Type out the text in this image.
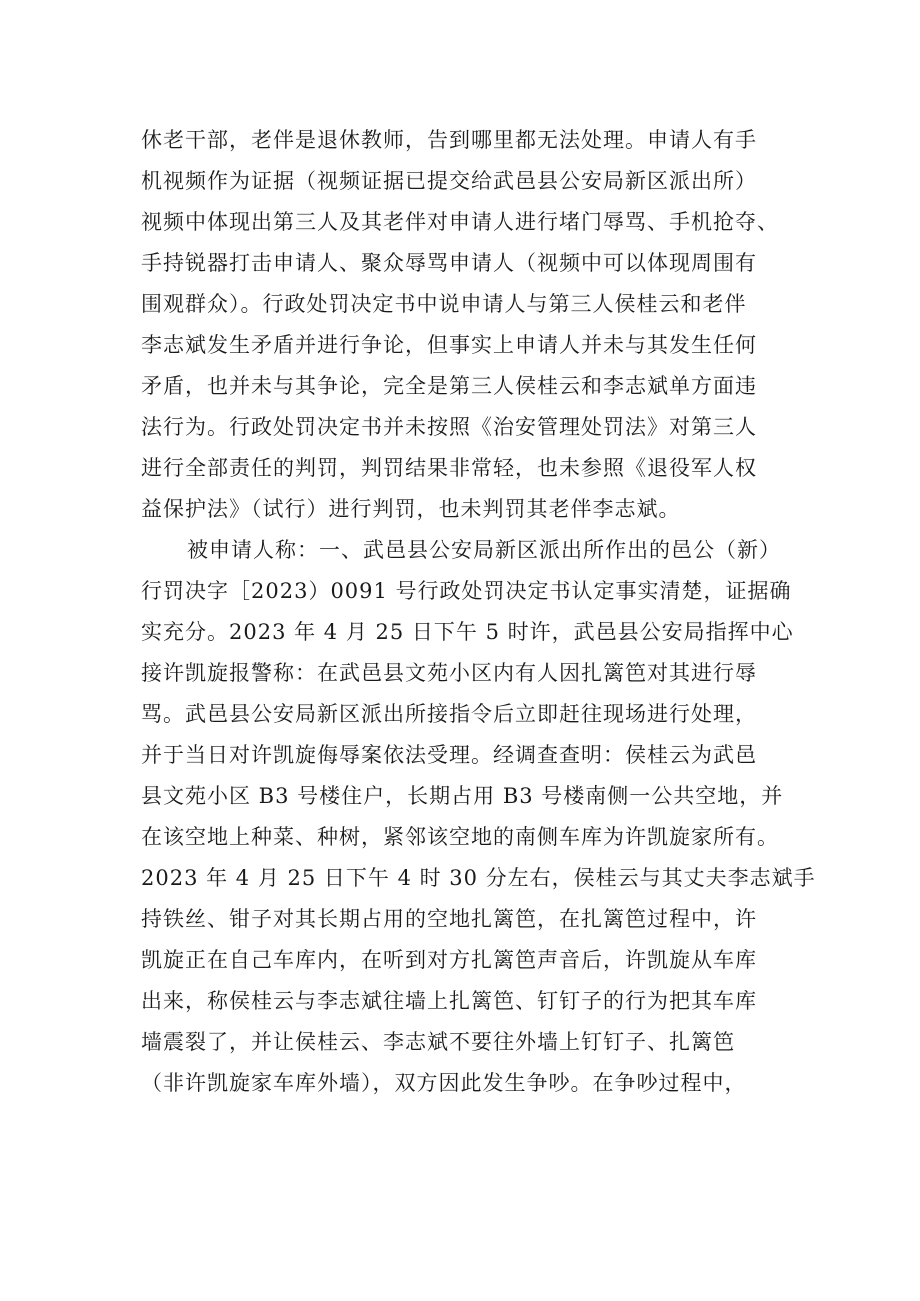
休老干部，老伴是退休教师，告到哪里都无法处理。申请人有手
机视频作为证据（视频证据已提交给武邑县公安局新区派出所）
视频中体现出第三人及其老伴对申请人进行堵门辱骂、手机抢夺、
手持锐器打击申请人、聚众辱骂申请人（视频中可以体现周围有
围观群众）。行政处罚决定书中说申请人与第三人侯桂云和老伴
李志斌发生矛盾并进行争论，但事实上申请人并未与其发生任何
矛盾，也并未与其争论，完全是第三人侯桂云和李志斌单方面违
法行为。行政处罚决定书并未按照《治安管理处罚法》对第三人
进行全部责任的判罚，判罚结果非常轻，也未参照《退役军人权
益保护法》（试行）进行判罚，也未判罚其老伴李志斌。
被申请人称：一、武邑县公安局新区派出所作出的邑公（新）
行罚决字［2023）0091 号行政处罚决定书认定事实清楚，证据确
实充分。2023 年 4 月 25 日下午 5 时许，武邑县公安局指挥中心
接许凯旋报警称：在武邑县文苑小区内有人因扎篱笆对其进行辱
骂。武邑县公安局新区派出所接指令后立即赶往现场进行处理，
并于当日对许凯旋侮辱案依法受理。经调查查明：侯桂云为武邑
县文苑小区 B3 号楼住户，长期占用 B3 号楼南侧一公共空地，并
在该空地上种菜、种树，紧邻该空地的南侧车库为许凯旋家所有。
2023 年 4 月 25 日下午 4 时 30 分左右，侯桂云与其丈夫李志斌手
持铁丝、钳子对其长期占用的空地扎篱笆，在扎篱笆过程中，许
凯旋正在自己车库内，在听到对方扎篱笆声音后，许凯旋从车库
出来，称侯桂云与李志斌往墙上扎篱笆、钉钉子的行为把其车库
墙震裂了，并让侯桂云、李志斌不要往外墙上钉钉子、扎篱笆
（非许凯旋家车库外墙），双方因此发生争吵。在争吵过程中，
